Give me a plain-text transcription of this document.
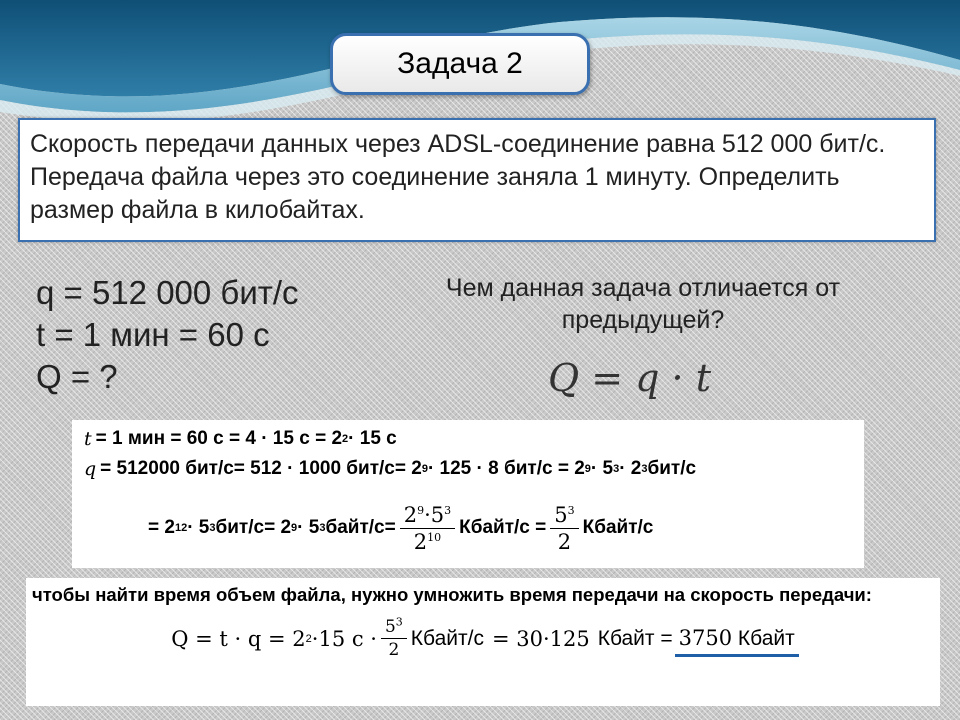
Задача 2
Скорость передачи данных через ADSL-соединение равна 512 000 бит/с. Передача файла через это соединение заняла 1 минуту. Определить размер файла в килобайтах.
q = 512 000 бит/с
t = 1 мин = 60 с
Q = ?
Чем данная задача отличается от предыдущей?
Q = q · t
t = 1 мин = 60 с = 4 · 15 с = 2 2 · 15 с
q = 512000 бит/с= 512 · 1000 бит/с= 2 9 · 125 · 8 бит/с = 2 9 · 5 3 · 2 3 бит/с
= 2 12 · 5 3 бит/с= 2 9 · 5 3 байт/с= $\frac{2^9\cdot 5^3}{2^{10}}$ Кбайт/с = $\frac{5^3}{2}$ Кбайт/с
чтобы найти время объем файла, нужно умножить время передачи на скорость передачи:
Q = t · q = 2 2 ·15 $с \cdot \frac{5^3}{2}$ Кбайт/с = 30·125 Кбайт = 3750 Кбайт
